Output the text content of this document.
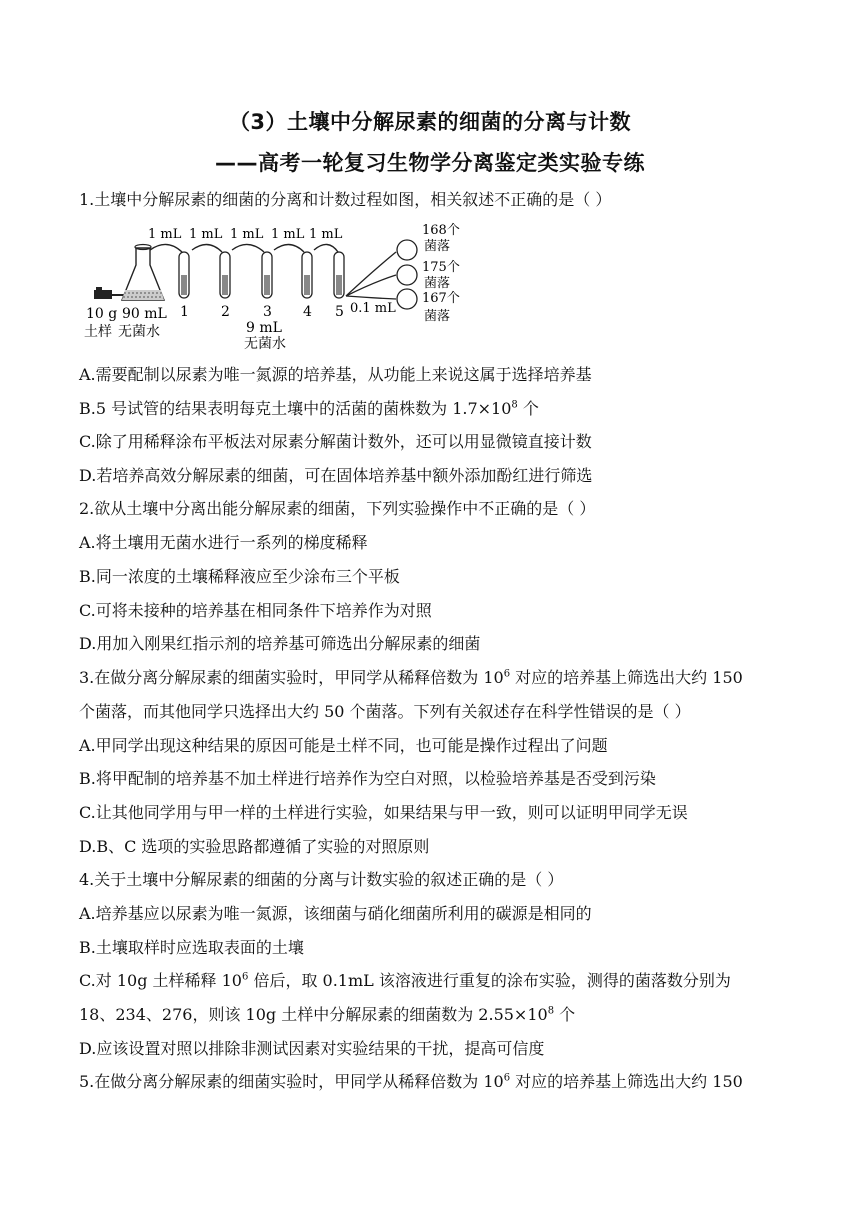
（3）土壤中分解尿素的细菌的分离与计数
——高考一轮复习生物学分离鉴定类实验专练
1.土壤中分解尿素的细菌的分离和计数过程如图，相关叙述不正确的是（ ）
1 mL 1 mL 1 mL 1 mL 1 mL
10 g
土样
90 mL
无菌水
1 2 3 4 5
9 mL
无菌水
0.1 mL
168个
菌落
175个
菌落
167个
菌落
A.需要配制以尿素为唯一氮源的培养基，从功能上来说这属于选择培养基
B.5 号试管的结果表明每克土壤中的活菌的菌株数为 $1.7\times 10^8$ 个
C.除了用稀释涂布平板法对尿素分解菌计数外，还可以用显微镜直接计数
D.若培养高效分解尿素的细菌，可在固体培养基中额外添加酚红进行筛选
2.欲从土壤中分离出能分解尿素的细菌，下列实验操作中不正确的是（ ）
A.将土壤用无菌水进行一系列的梯度稀释
B.同一浓度的土壤稀释液应至少涂布三个平板
C.可将未接种的培养基在相同条件下培养作为对照
D.用加入刚果红指示剂的培养基可筛选出分解尿素的细菌
3.在做分离分解尿素的细菌实验时，甲同学从稀释倍数为 $10^6$ 对应的培养基上筛选出大约 150
个菌落，而其他同学只选择出大约 50 个菌落。下列有关叙述存在科学性错误的是（ ）
A.甲同学出现这种结果的原因可能是土样不同，也可能是操作过程出了问题
B.将甲配制的培养基不加土样进行培养作为空白对照，以检验培养基是否受到污染
C.让其他同学用与甲一样的土样进行实验，如果结果与甲一致，则可以证明甲同学无误
D.B、C 选项的实验思路都遵循了实验的对照原则
4.关于土壤中分解尿素的细菌的分离与计数实验的叙述正确的是（ ）
A.培养基应以尿素为唯一氮源，该细菌与硝化细菌所利用的碳源是相同的
B.土壤取样时应选取表面的土壤
C.对 10g 土样稀释 $10^6$ 倍后，取 0.1mL 该溶液进行重复的涂布实验，测得的菌落数分别为
18、234、276，则该 10g 土样中分解尿素的细菌数为 $2.55\times 10^8$ 个
D.应该设置对照以排除非测试因素对实验结果的干扰，提高可信度
5.在做分离分解尿素的细菌实验时，甲同学从稀释倍数为 $10^6$ 对应的培养基上筛选出大约 150
